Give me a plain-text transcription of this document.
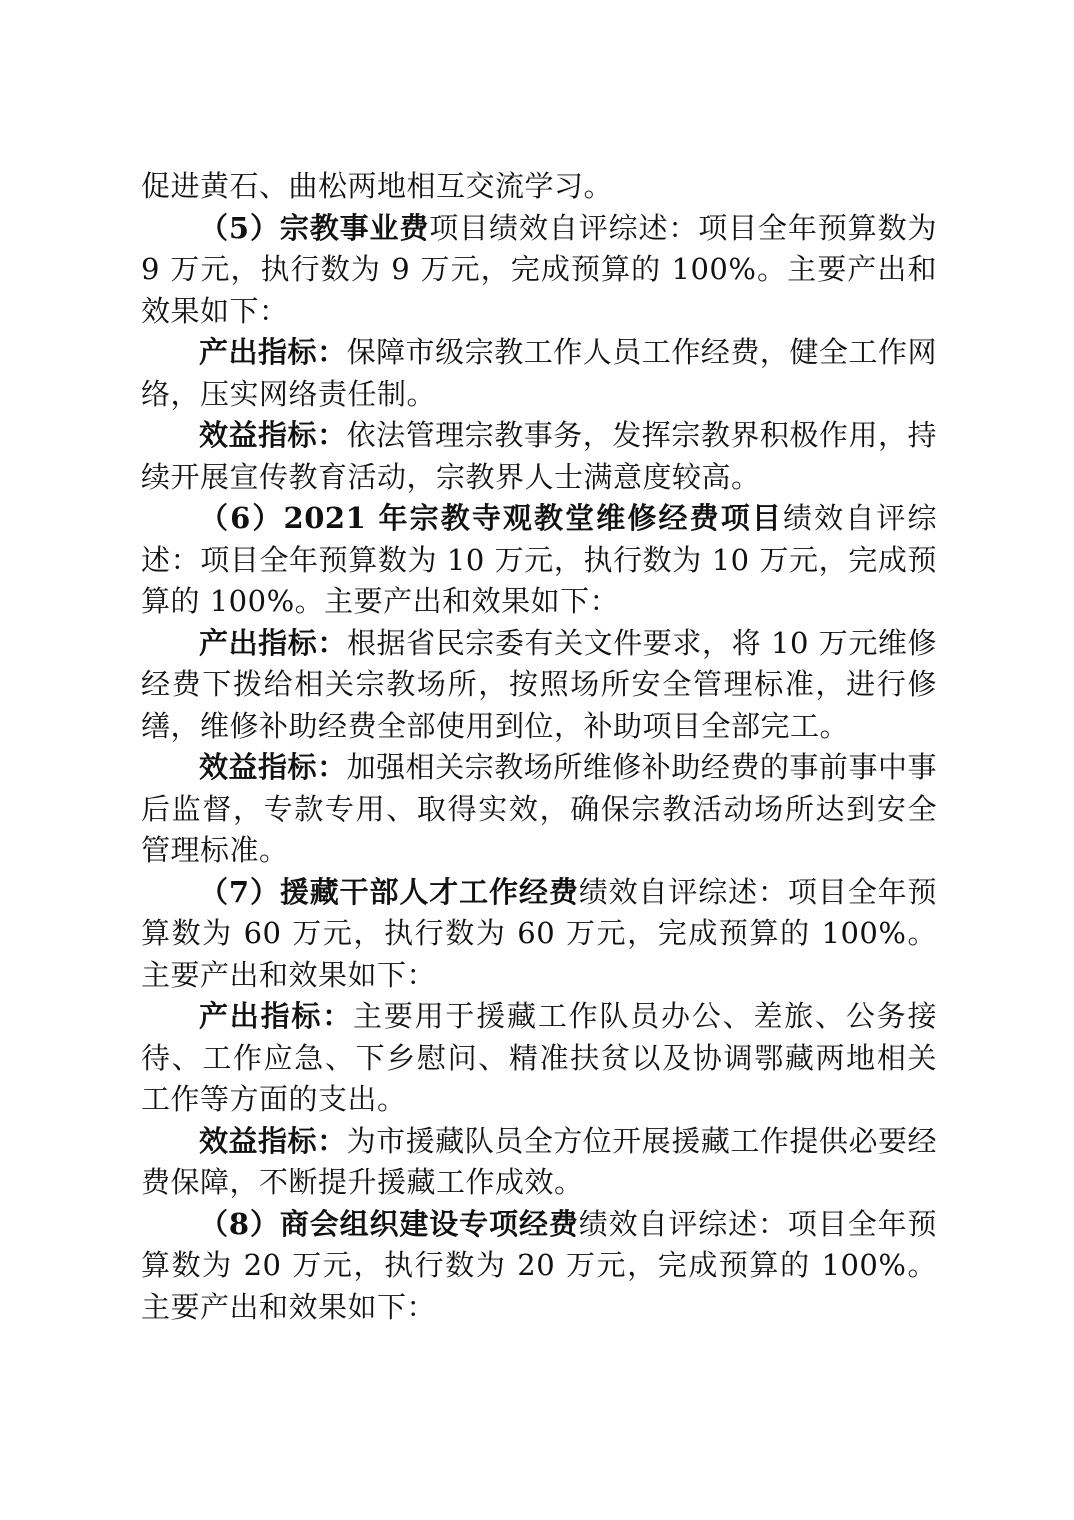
促进黄石、曲松两地相互交流学习。

（5）宗教事业费项目绩效自评综述：项目全年预算数为 9 万元，执行数为 9 万元，完成预算的 100%。主要产出和效果如下：

产出指标：保障市级宗教工作人员工作经费，健全工作网络，压实网络责任制。

效益指标：依法管理宗教事务，发挥宗教界积极作用，持续开展宣传教育活动，宗教界人士满意度较高。

（6）2021 年宗教寺观教堂维修经费项目绩效自评综述：项目全年预算数为 10 万元，执行数为 10 万元，完成预算的 100%。主要产出和效果如下：

产出指标：根据省民宗委有关文件要求，将 10 万元维修经费下拨给相关宗教场所，按照场所安全管理标准，进行修缮，维修补助经费全部使用到位，补助项目全部完工。

效益指标：加强相关宗教场所维修补助经费的事前事中事后监督，专款专用、取得实效，确保宗教活动场所达到安全管理标准。

（7）援藏干部人才工作经费绩效自评综述：项目全年预算数为 60 万元，执行数为 60 万元，完成预算的 100%。主要产出和效果如下：

产出指标：主要用于援藏工作队员办公、差旅、公务接待、工作应急、下乡慰问、精准扶贫以及协调鄂藏两地相关工作等方面的支出。

效益指标：为市援藏队员全方位开展援藏工作提供必要经费保障，不断提升援藏工作成效。

（8）商会组织建设专项经费绩效自评综述：项目全年预算数为 20 万元，执行数为 20 万元，完成预算的 100%。主要产出和效果如下：
